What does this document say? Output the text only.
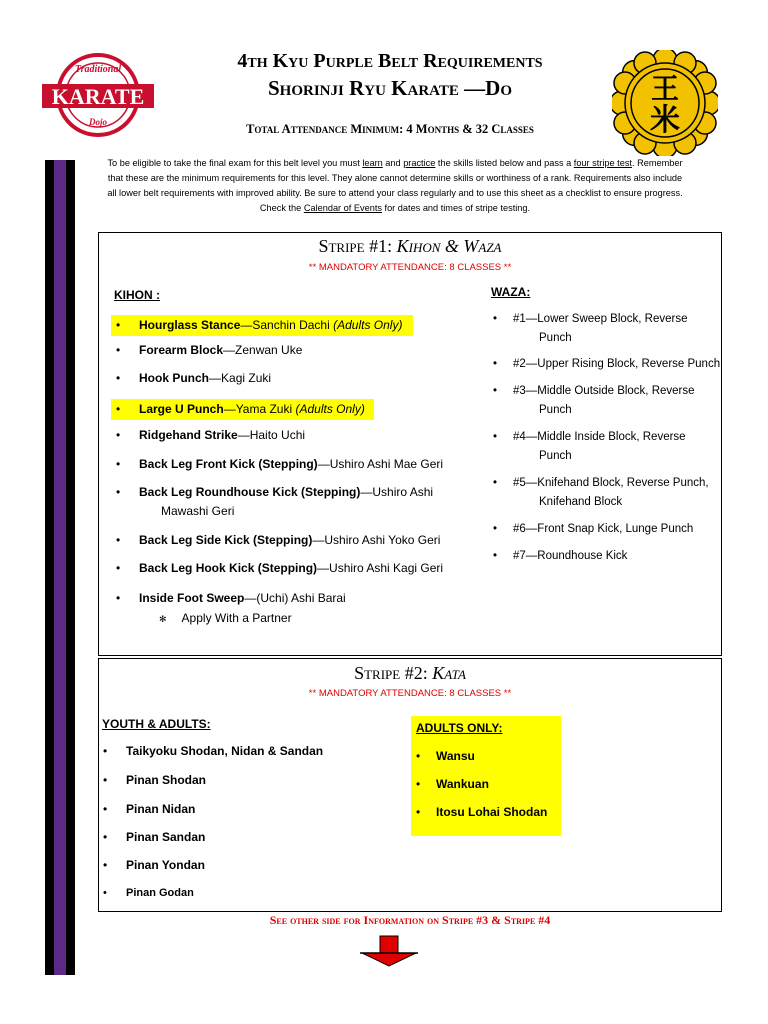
Traditional
KARATE
Dojo
王
米
4th Kyu Purple Belt Requirements
Shorinji Ryu Karate —Do
Total Attendance Minimum: 4 Months & 32 Classes
To be eligible to take the final exam for this belt level you must learn and practice the skills listed below and pass a four stripe test. Remember that these are the minimum requirements for this level. They alone cannot determine skills or worthiness of a rank. Requirements also include all lower belt requirements with improved ability. Be sure to attend your class regularly and to use this sheet as a checklist to ensure progress.
Check the Calendar of Events for dates and times of stripe testing.
Stripe #1: Kihon & Waza
** MANDATORY ATTENDANCE: 8 CLASSES **
KIHON :
• Hourglass Stance—Sanchin Dachi (Adults Only)
• Forearm Block—Zenwan Uke
• Hook Punch—Kagi Zuki
• Large U Punch—Yama Zuki (Adults Only)
• Ridgehand Strike—Haito Uchi
• Back Leg Front Kick (Stepping)—Ushiro Ashi Mae Geri
• Back Leg Roundhouse Kick (Stepping)—Ushiro Ashi
Mawashi Geri
• Back Leg Side Kick (Stepping)—Ushiro Ashi Yoko Geri
• Back Leg Hook Kick (Stepping)—Ushiro Ashi Kagi Geri
• Inside Foot Sweep—(Uchi) Ashi Barai
✻ Apply With a Partner
WAZA:
• #1—Lower Sweep Block, Reverse
Punch
• #2—Upper Rising Block, Reverse Punch
• #3—Middle Outside Block, Reverse
Punch
• #4—Middle Inside Block, Reverse
Punch
• #5—Knifehand Block, Reverse Punch,
Knifehand Block
• #6—Front Snap Kick, Lunge Punch
• #7—Roundhouse Kick
Stripe #2: Kata
** MANDATORY ATTENDANCE: 8 CLASSES **
YOUTH & ADULTS:
• Taikyoku Shodan, Nidan & Sandan
• Pinan Shodan
• Pinan Nidan
• Pinan Sandan
• Pinan Yondan
• Pinan Godan
ADULTS ONLY:
• Wansu
• Wankuan
• Itosu Lohai Shodan
See other side for Information on Stripe #3 & Stripe #4
